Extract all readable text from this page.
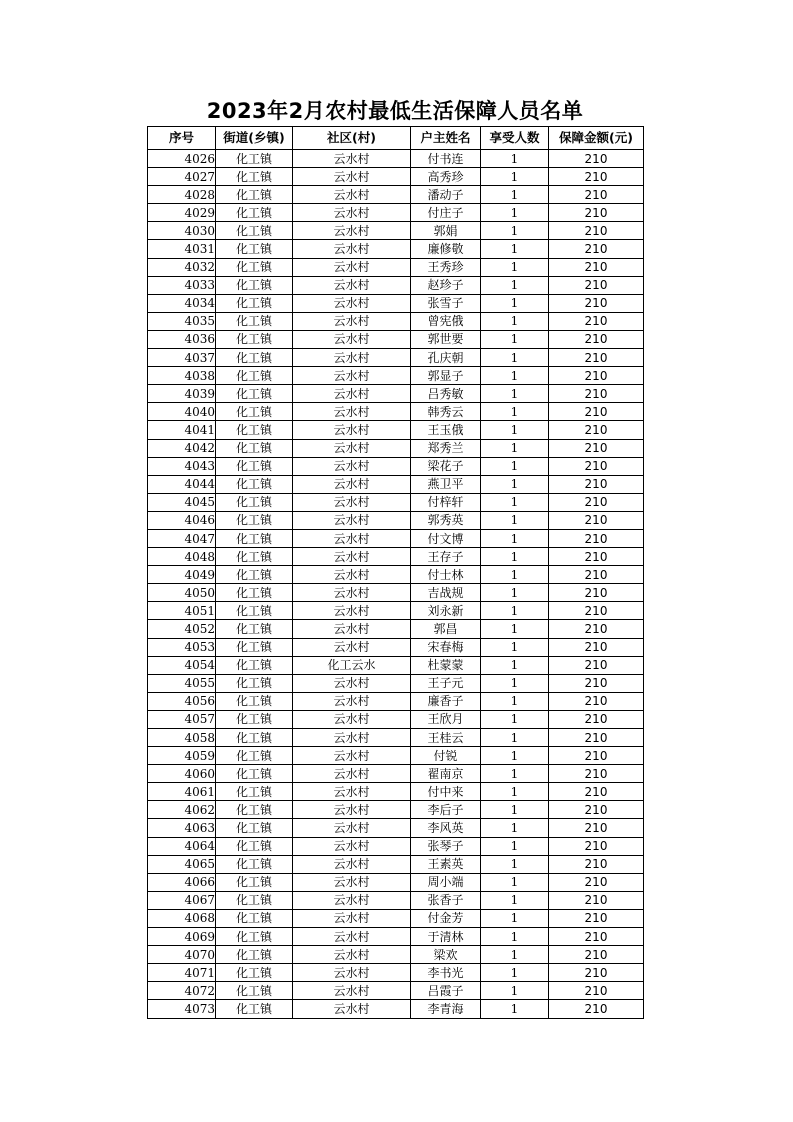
2023年2月农村最低生活保障人员名单
序号	街道(乡镇)	社区(村)	户主姓名	享受人数	保障金额(元)
4026	化工镇	云水村	付书连	1	210
4027	化工镇	云水村	高秀珍	1	210
4028	化工镇	云水村	潘动子	1	210
4029	化工镇	云水村	付庄子	1	210
4030	化工镇	云水村	郭娟	1	210
4031	化工镇	云水村	廉修敬	1	210
4032	化工镇	云水村	王秀珍	1	210
4033	化工镇	云水村	赵珍子	1	210
4034	化工镇	云水村	张雪子	1	210
4035	化工镇	云水村	曾宪俄	1	210
4036	化工镇	云水村	郭世要	1	210
4037	化工镇	云水村	孔庆朝	1	210
4038	化工镇	云水村	郭显子	1	210
4039	化工镇	云水村	吕秀敏	1	210
4040	化工镇	云水村	韩秀云	1	210
4041	化工镇	云水村	王玉俄	1	210
4042	化工镇	云水村	郑秀兰	1	210
4043	化工镇	云水村	梁花子	1	210
4044	化工镇	云水村	燕卫平	1	210
4045	化工镇	云水村	付梓轩	1	210
4046	化工镇	云水村	郭秀英	1	210
4047	化工镇	云水村	付文博	1	210
4048	化工镇	云水村	王存子	1	210
4049	化工镇	云水村	付士林	1	210
4050	化工镇	云水村	吉战规	1	210
4051	化工镇	云水村	刘永新	1	210
4052	化工镇	云水村	郭昌	1	210
4053	化工镇	云水村	宋春梅	1	210
4054	化工镇	化工云水	杜蒙蒙	1	210
4055	化工镇	云水村	王子元	1	210
4056	化工镇	云水村	廉香子	1	210
4057	化工镇	云水村	王欣月	1	210
4058	化工镇	云水村	王桂云	1	210
4059	化工镇	云水村	付锐	1	210
4060	化工镇	云水村	翟南京	1	210
4061	化工镇	云水村	付中来	1	210
4062	化工镇	云水村	李后子	1	210
4063	化工镇	云水村	李风英	1	210
4064	化工镇	云水村	张琴子	1	210
4065	化工镇	云水村	王素英	1	210
4066	化工镇	云水村	周小端	1	210
4067	化工镇	云水村	张香子	1	210
4068	化工镇	云水村	付金芳	1	210
4069	化工镇	云水村	于清林	1	210
4070	化工镇	云水村	梁欢	1	210
4071	化工镇	云水村	李书光	1	210
4072	化工镇	云水村	吕霞子	1	210
4073	化工镇	云水村	李青海	1	210
